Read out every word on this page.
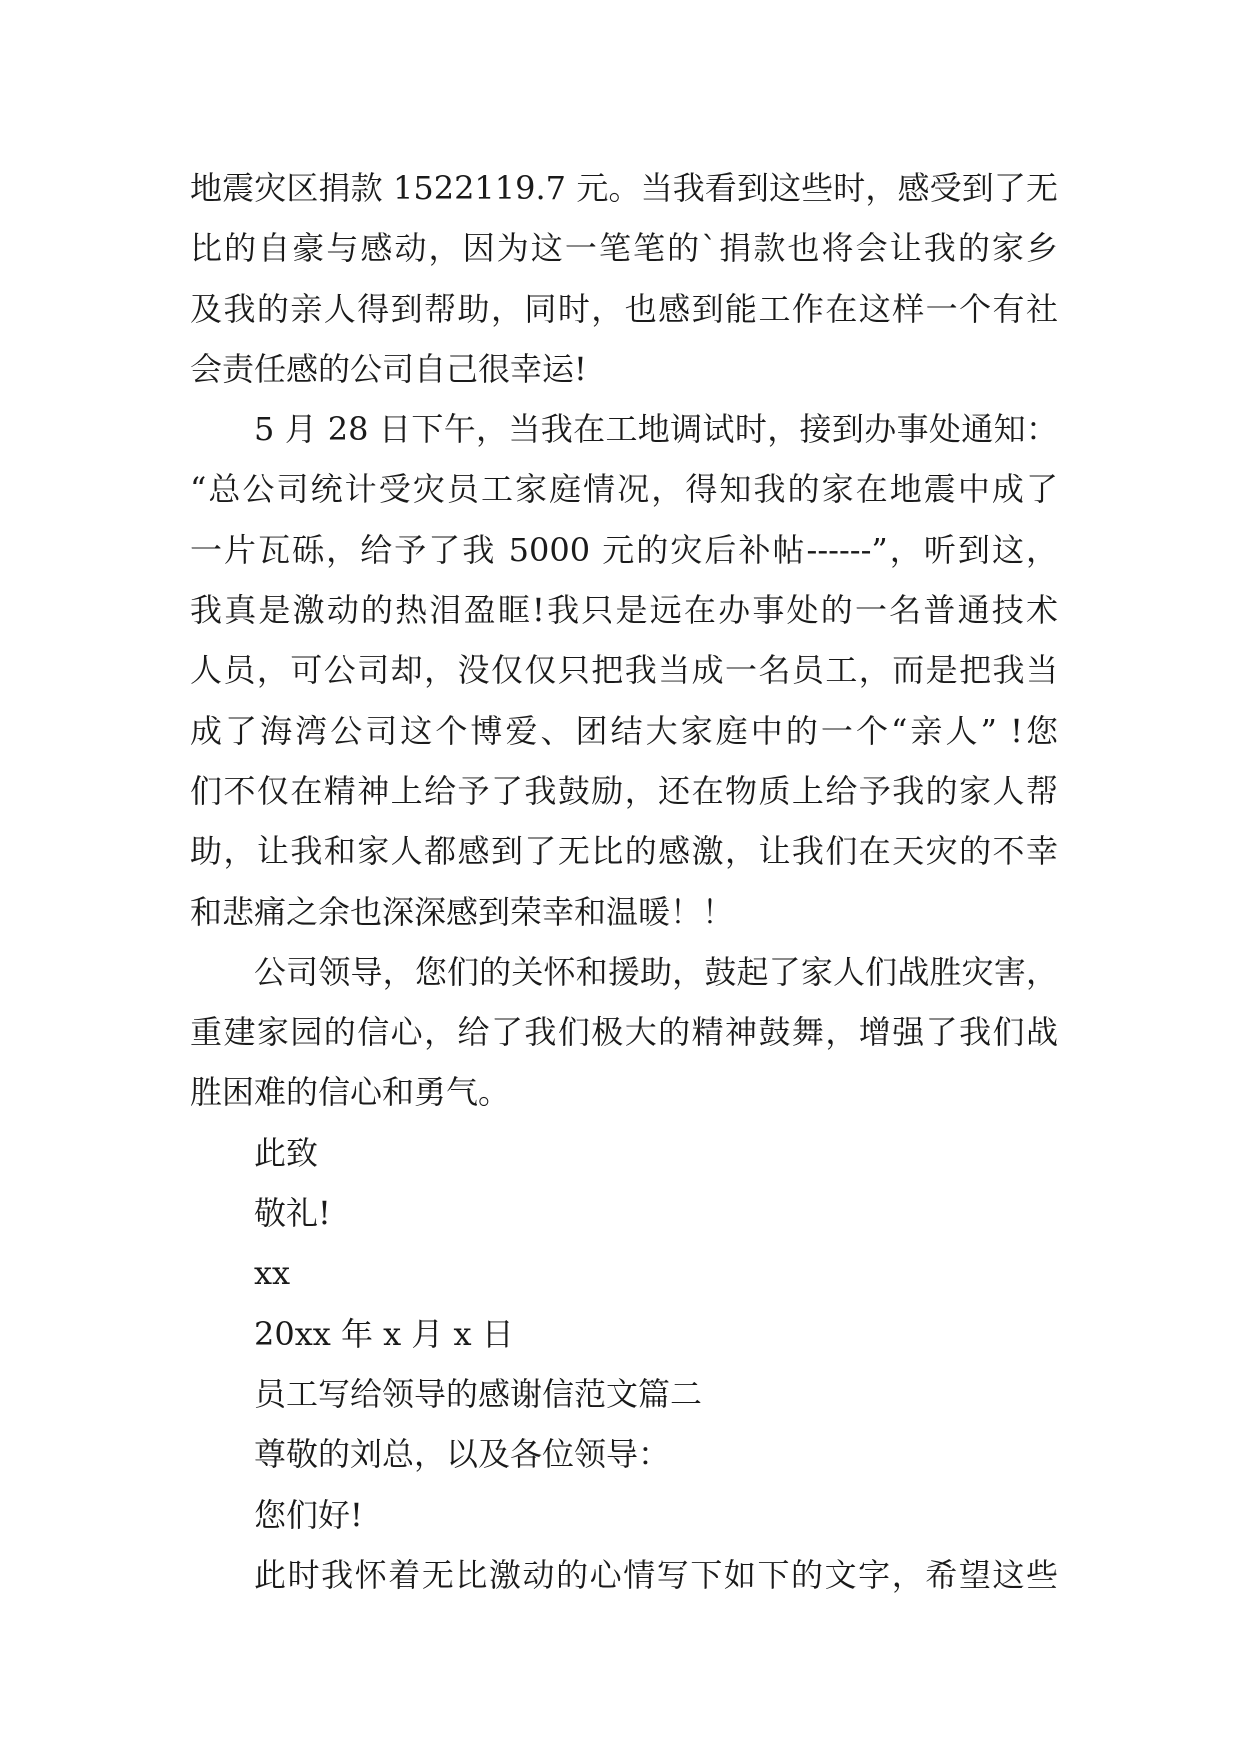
地震灾区捐款 1522119.7 元。当我看到这些时，感受到了无
比的自豪与感动，因为这一笔笔的`捐款也将会让我的家乡
及我的亲人得到帮助，同时，也感到能工作在这样一个有社
会责任感的公司自己很幸运!
5 月 28 日下午，当我在工地调试时，接到办事处通知：
“总公司统计受灾员工家庭情况，得知我的家在地震中成了
一片瓦砾，给予了我 5000 元的灾后补帖------”，听到这，
我真是激动的热泪盈眶!我只是远在办事处的一名普通技术
人员，可公司却，没仅仅只把我当成一名员工，而是把我当
成了海湾公司这个博爱、团结大家庭中的一个“亲人” !您
们不仅在精神上给予了我鼓励，还在物质上给予我的家人帮
助，让我和家人都感到了无比的感激，让我们在天灾的不幸
和悲痛之余也深深感到荣幸和温暖！！
公司领导，您们的关怀和援助，鼓起了家人们战胜灾害，
重建家园的信心，给了我们极大的精神鼓舞，增强了我们战
胜困难的信心和勇气。
此致
敬礼!
xx
20xx 年 x 月 x 日
员工写给领导的感谢信范文篇二
尊敬的刘总，以及各位领导：
您们好!
此时我怀着无比激动的心情写下如下的文字，希望这些
